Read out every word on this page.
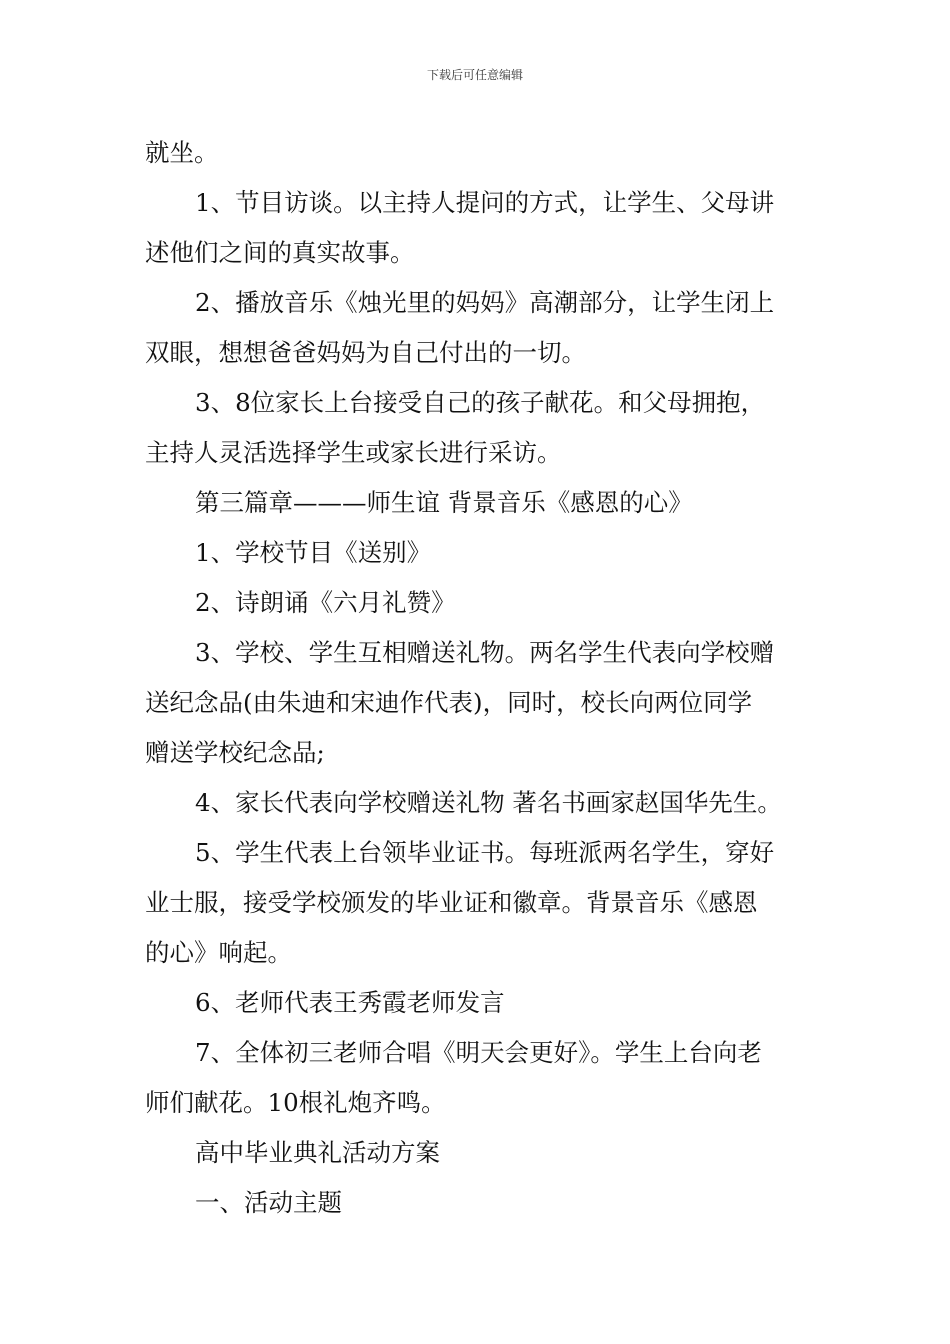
下载后可任意编辑
就坐。
1、节目访谈。以主持人提问的方式，让学生、父母讲
述他们之间的真实故事。
2、播放音乐《烛光里的妈妈》高潮部分，让学生闭上
双眼，想想爸爸妈妈为自己付出的一切。
3、8位家长上台接受自己的孩子献花。和父母拥抱，
主持人灵活选择学生或家长进行采访。
第三篇章———师生谊 背景音乐《感恩的心》
1、学校节目《送别》
2、诗朗诵《六月礼赞》
3、学校、学生互相赠送礼物。两名学生代表向学校赠
送纪念品(由朱迪和宋迪作代表)，同时，校长向两位同学
赠送学校纪念品;
4、家长代表向学校赠送礼物 著名书画家赵国华先生。
5、学生代表上台领毕业证书。每班派两名学生，穿好
业士服，接受学校颁发的毕业证和徽章。背景音乐《感恩
的心》响起。
6、老师代表王秀霞老师发言
7、全体初三老师合唱《明天会更好》。学生上台向老
师们献花。10根礼炮齐鸣。
高中毕业典礼活动方案
一、活动主题
